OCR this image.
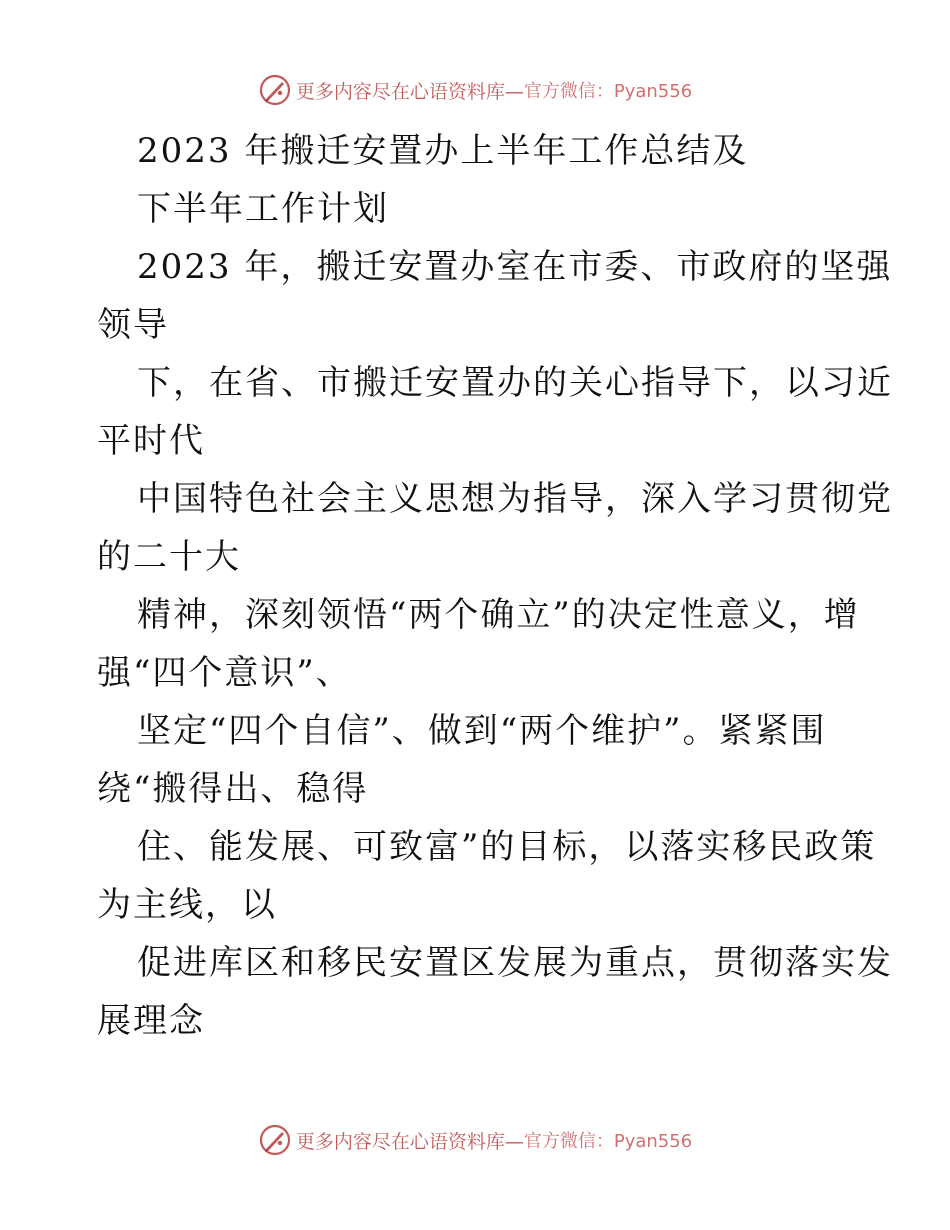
更多内容尽在心语资料库— 官方微信：Pyan556
2023 年搬迁安置办上半年工作总结及
下半年工作计划
2023 年，搬迁安置办室在市委、市政府的坚强
领导
下，在省、市搬迁安置办的关心指导下，以习近
平时代
中国特色社会主义思想为指导，深入学习贯彻党
的二十大
精神，深刻领悟“两个确立”的决定性意义，增
强“四个意识”、
坚定“四个自信”、做到“两个维护”。紧紧围
绕“搬得出、稳得
住、能发展、可致富”的目标，以落实移民政策
为主线，以
促进库区和移民安置区发展为重点，贯彻落实发
展理念
更多内容尽在心语资料库— 官方微信：Pyan556
